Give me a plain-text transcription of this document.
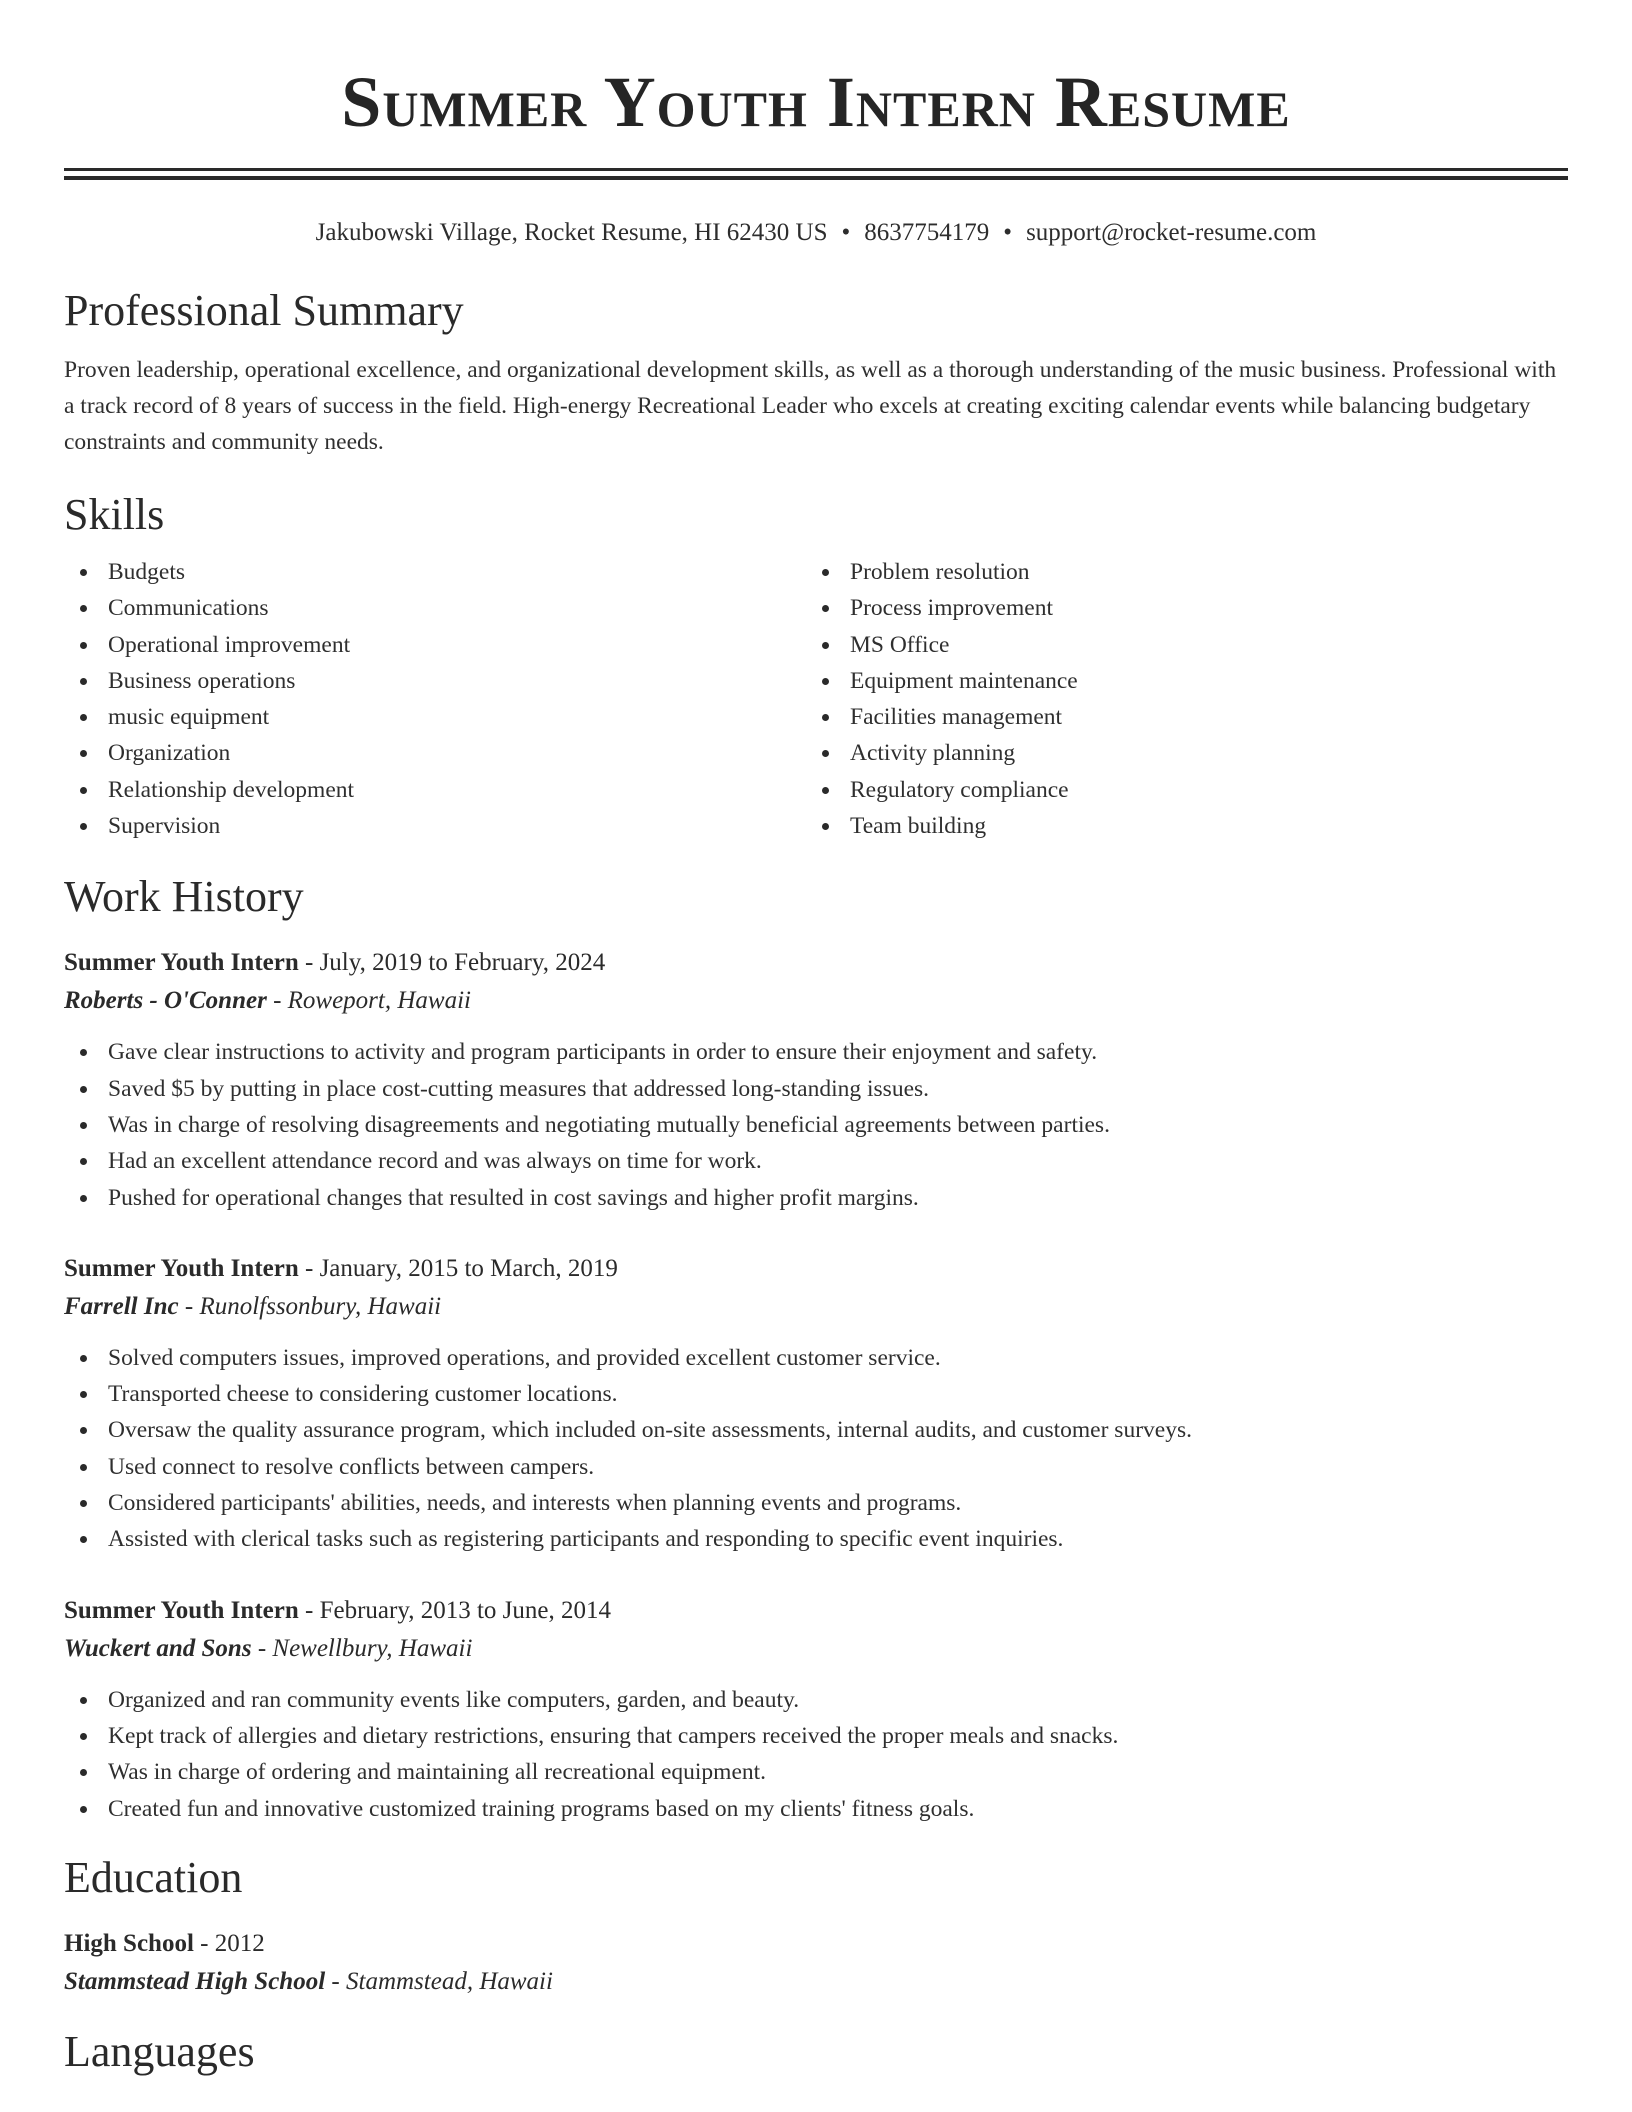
Summer Youth Intern Resume
Jakubowski Village, Rocket Resume, HI 62430 US • 8637754179 • support@rocket-resume.com
Professional Summary
Proven leadership, operational excellence, and organizational development skills, as well as a thorough understanding of the music business. Professional with a track record of 8 years of success in the field. High-energy Recreational Leader who excels at creating exciting calendar events while balancing budgetary constraints and community needs.
Skills
Budgets
Communications
Operational improvement
Business operations
music equipment
Organization
Relationship development
Supervision
Problem resolution
Process improvement
MS Office
Equipment maintenance
Facilities management
Activity planning
Regulatory compliance
Team building
Work History
Summer Youth Intern - July, 2019 to February, 2024
Roberts - O'Conner - Roweport, Hawaii
Gave clear instructions to activity and program participants in order to ensure their enjoyment and safety.
Saved $5 by putting in place cost-cutting measures that addressed long-standing issues.
Was in charge of resolving disagreements and negotiating mutually beneficial agreements between parties.
Had an excellent attendance record and was always on time for work.
Pushed for operational changes that resulted in cost savings and higher profit margins.
Summer Youth Intern - January, 2015 to March, 2019
Farrell Inc - Runolfssonbury, Hawaii
Solved computers issues, improved operations, and provided excellent customer service.
Transported cheese to considering customer locations.
Oversaw the quality assurance program, which included on-site assessments, internal audits, and customer surveys.
Used connect to resolve conflicts between campers.
Considered participants' abilities, needs, and interests when planning events and programs.
Assisted with clerical tasks such as registering participants and responding to specific event inquiries.
Summer Youth Intern - February, 2013 to June, 2014
Wuckert and Sons - Newellbury, Hawaii
Organized and ran community events like computers, garden, and beauty.
Kept track of allergies and dietary restrictions, ensuring that campers received the proper meals and snacks.
Was in charge of ordering and maintaining all recreational equipment.
Created fun and innovative customized training programs based on my clients' fitness goals.
Education
High School - 2012
Stammstead High School - Stammstead, Hawaii
Languages
